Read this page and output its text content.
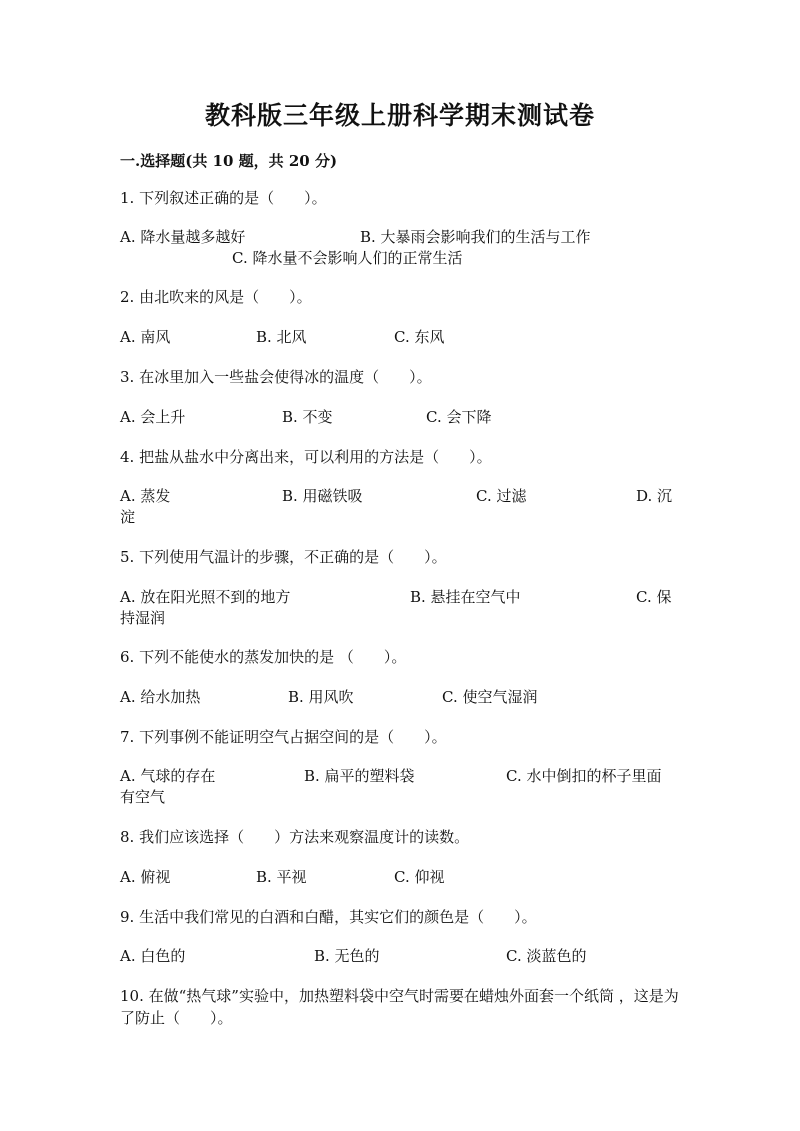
教科版三年级上册科学期末测试卷
一.选择题(共 10 题，共 20 分)
1. 下列叙述正确的是（　　）。
A. 降水量越多越好	B. 大暴雨会影响我们的生活与工作
C. 降水量不会影响人们的正常生活
2. 由北吹来的风是（　　）。
A. 南风	B. 北风	C. 东风
3. 在冰里加入一些盐会使得冰的温度（　　）。
A. 会上升	B. 不变	C. 会下降
4. 把盐从盐水中分离出来，可以利用的方法是（　　）。
A. 蒸发	B. 用磁铁吸	C. 过滤	D. 沉
淀
5. 下列使用气温计的步骤，不正确的是（　　）。
A. 放在阳光照不到的地方	B. 悬挂在空气中	C. 保
持湿润
6. 下列不能使水的蒸发加快的是 （　　）。
A. 给水加热	B. 用风吹	C. 使空气湿润
7. 下列事例不能证明空气占据空间的是（　　）。
A. 气球的存在	B. 扁平的塑料袋	C. 水中倒扣的杯子里面
有空气
8. 我们应该选择（　　）方法来观察温度计的读数。
A. 俯视	B. 平视	C. 仰视
9. 生活中我们常见的白酒和白醋，其实它们的颜色是（　　）。
A. 白色的	B. 无色的	C. 淡蓝色的
10. 在做“热气球”实验中，加热塑料袋中空气时需要在蜡烛外面套一个纸筒 ，这是为了防止（　　）。
